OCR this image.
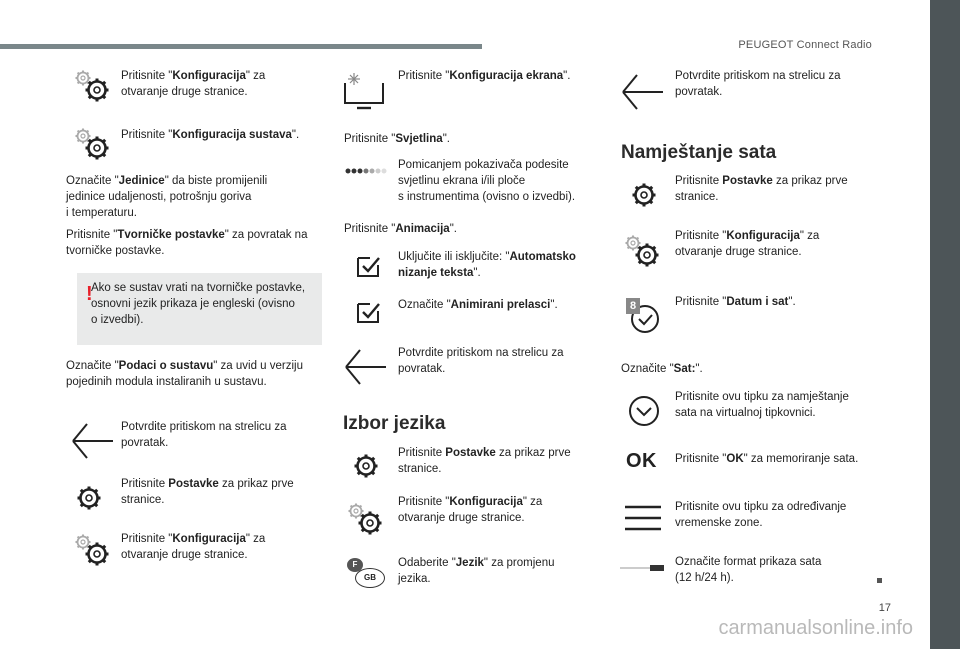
PEUGEOT Connect Radio
17
carmanualsonline.info
Pritisnite "Konfiguracija" za
otvaranje druge stranice.
Pritisnite "Konfiguracija sustava".
Označite "Jedinice" da biste promijenili
jedinice udaljenosti, potrošnju goriva
i temperaturu.
Pritisnite "Tvorničke postavke" za povratak na
tvorničke postavke.
!
Ako se sustav vrati na tvorničke postavke,
osnovni jezik prikaza je engleski (ovisno
o izvedbi).
Označite "Podaci o sustavu" za uvid u verziju
pojedinih modula instaliranih u sustavu.
Potvrdite pritiskom na strelicu za
povratak.
Pritisnite Postavke za prikaz prve
stranice.
Pritisnite "Konfiguracija" za
otvaranje druge stranice.
Pritisnite "Konfiguracija ekrana".
Pritisnite "Svjetlina".
Pomicanjem pokazivača podesite
svjetlinu ekrana i/ili ploče
s instrumentima (ovisno o izvedbi).
Pritisnite "Animacija".
Uključite ili isključite: "Automatsko
nizanje teksta".
Označite "Animirani prelasci".
Potvrdite pritiskom na strelicu za
povratak.
Izbor jezika
Pritisnite Postavke za prikaz prve
stranice.
Pritisnite "Konfiguracija" za
otvaranje druge stranice.
F
GB
Odaberite "Jezik" za promjenu
jezika.
Potvrdite pritiskom na strelicu za
povratak.
Namještanje sata
Pritisnite Postavke za prikaz prve
stranice.
Pritisnite "Konfiguracija" za
otvaranje druge stranice.
8	Pritisnite "Datum i sat".
Označite "Sat:".
Pritisnite ovu tipku za namještanje
sata na virtualnoj tipkovnici.
OK Pritisnite "OK" za memoriranje sata.
Pritisnite ovu tipku za određivanje
vremenske zone.
Označite format prikaza sata
(12 h/24 h).
